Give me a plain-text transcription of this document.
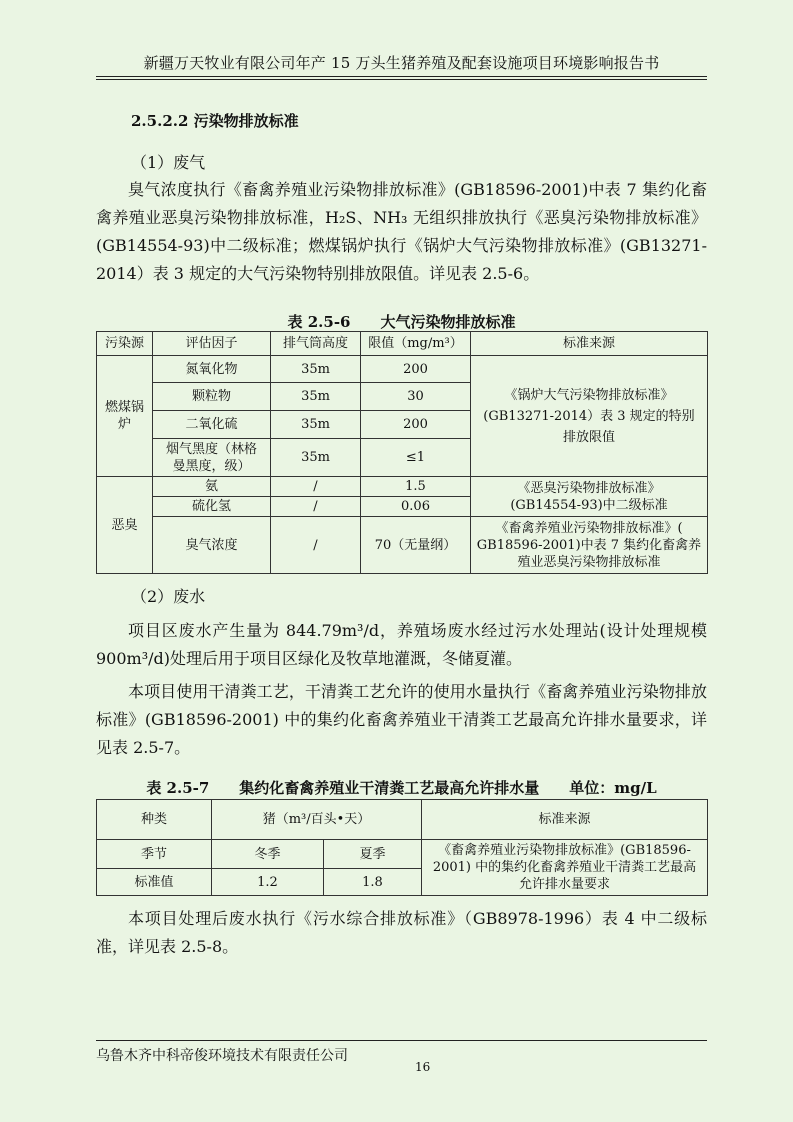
新疆万天牧业有限公司年产 15 万头生猪养殖及配套设施项目环境影响报告书
2.5.2.2 污染物排放标准
（1）废气
臭气浓度执行《畜禽养殖业污染物排放标准》(GB18596-2001)中表 7 集约化畜禽养殖业恶臭污染物排放标准，H₂S、NH₃ 无组织排放执行《恶臭污染物排放标准》(GB14554-93)中二级标准；燃煤锅炉执行《锅炉大气污染物排放标准》(GB13271-2014）表 3 规定的大气污染物特别排放限值。详见表 2.5-6。
表 2.5-6　　大气污染物排放标准
污染源	评估因子	排气筒高度	限值（mg/m³）	标准来源
燃煤锅炉	氮氧化物	35m	200	《锅炉大气污染物排放标准》(GB13271-2014）表 3 规定的特别排放限值
	颗粒物	35m	30	
	二氧化硫	35m	200	
	烟气黑度（林格曼黑度，级）	35m	≤1	
恶臭	氨	/	1.5	《恶臭污染物排放标准》(GB14554-93)中二级标准
	硫化氢	/	0.06	
	臭气浓度	/	70（无量纲）	《畜禽养殖业污染物排放标准》( GB18596-2001)中表 7 集约化畜禽养殖业恶臭污染物排放标准
（2）废水
项目区废水产生量为 844.79m³/d，养殖场废水经过污水处理站(设计处理规模 900m³/d)处理后用于项目区绿化及牧草地灌溉，冬储夏灌。
本项目使用干清粪工艺，干清粪工艺允许的使用水量执行《畜禽养殖业污染物排放标准》(GB18596-2001) 中的集约化畜禽养殖业干清粪工艺最高允许排水量要求，详见表 2.5-7。
表 2.5-7　　集约化畜禽养殖业干清粪工艺最高允许排水量　　单位：mg/L
种类	猪（m³/百头•天）		标准来源
季节	冬季	夏季	《畜禽养殖业污染物排放标准》(GB18596-2001) 中的集约化畜禽养殖业干清粪工艺最高允许排水量要求
标准值	1.2	1.8	
本项目处理后废水执行《污水综合排放标准》（GB8978-1996）表 4 中二级标准，详见表 2.5-8。
乌鲁木齐中科帝俊环境技术有限责任公司
16
